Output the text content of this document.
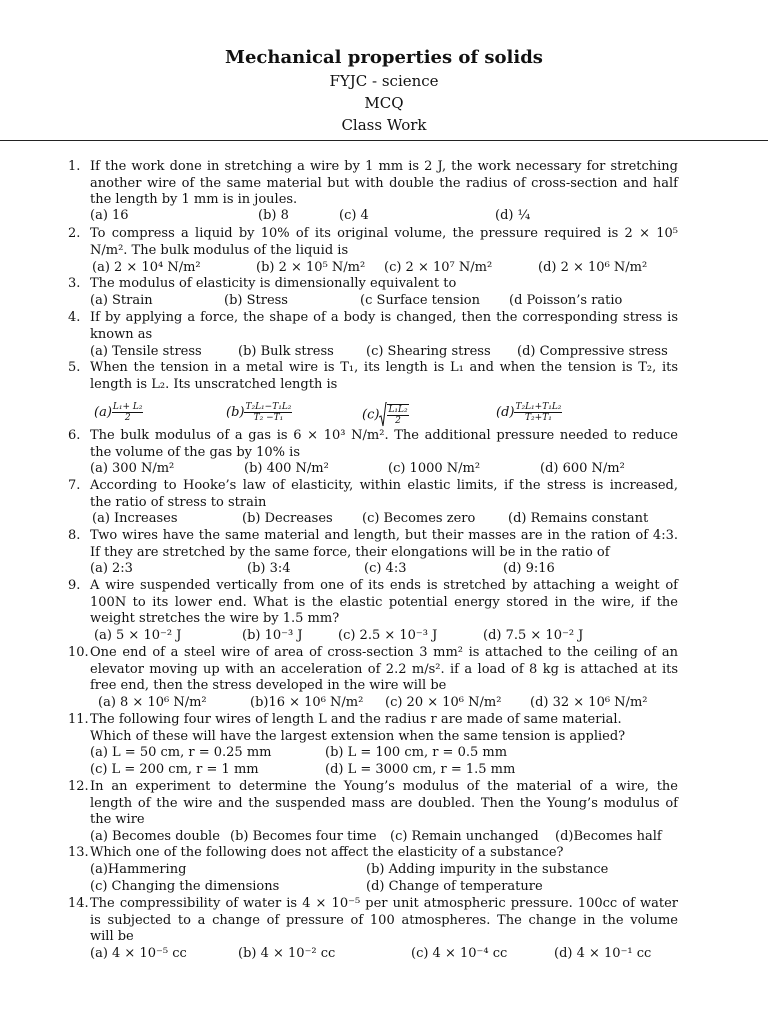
Mechanical properties of solids
FYJC - science
MCQ
Class Work
1. If the work done in stretching a wire by 1 mm is 2 J, the work necessary for stretching
another wire of the same material but with double the radius of cross-section and half
the length by 1 mm is in joules.
(a) 16	(b) 8	(c) 4	(d) ¼
2. To compress a liquid by 10% of its original volume, the pressure required is 2 × 10⁵
N/m². The bulk modulus of the liquid is
(a) 2 × 10⁴ N/m²	(b) 2 × 10⁵ N/m² (c) 2 × 10⁷ N/m²	(d) 2 × 10⁶ N/m²
3. The modulus of elasticity is dimensionally equivalent to
(a) Strain	(b) Stress	(c Surface tension (d Poisson’s ratio
4. If by applying a force, the shape of a body is changed, then the corresponding stress is
known as
(a) Tensile stress	(b) Bulk stress (c) Shearing stress (d) Compressive stress
5. When the tension in a metal wire is T₁, its length is L₁ and when the tension is T₂, its
length is L₂. Its unscratched length is
$(a) \frac{\text{L₁+ L₂}}{2}$	$(b) \frac{\text{T₂L₁−T₁L₂}}{\text{T₂ −T₁}}$	$(c) \frac{\text{L₁L₂}}{2}$	$(d) \frac{\text{T₂L₁+T₁L₂}}{\text{T₂+T₁}}$
6. The bulk modulus of a gas is 6 × 10³ N/m². The additional pressure needed to reduce
the volume of the gas by 10% is
(a) 300 N/m²	(b) 400 N/m²	(c) 1000 N/m²	(d) 600 N/m²
7. According to Hooke’s law of elasticity, within elastic limits, if the stress is increased,
the ratio of stress to strain
(a) Increases	(b) Decreases (c) Becomes zero	(d) Remains constant
8. Two wires have the same material and length, but their masses are in the ration of 4:3.
If they are stretched by the same force, their elongations will be in the ratio of
(a) 2:3	(b) 3:4	(c) 4:3	(d) 9:16
9. A wire suspended vertically from one of its ends is stretched by attaching a weight of
100N to its lower end. What is the elastic potential energy stored in the wire, if the
weight stretches the wire by 1.5 mm?
(a) 5 × 10⁻² J	(b) 10⁻³ J	(c) 2.5 × 10⁻³ J	(d) 7.5 × 10⁻² J
10.One end of a steel wire of area of cross-section 3 mm² is attached to the ceiling of an
elevator moving up with an acceleration of 2.2 m/s². if a load of 8 kg is attached at its
free end, then the stress developed in the wire will be
(a) 8 × 10⁶ N/m²	(b)16 × 10⁶ N/m² (c) 20 × 10⁶ N/m² (d) 32 × 10⁶ N/m²
11.The following four wires of length L and the radius r are made of same material.
Which of these will have the largest extension when the same tension is applied?
(a) L = 50 cm, r = 0.25 mm	(b) L = 100 cm, r = 0.5 mm
(c) L = 200 cm, r = 1 mm	(d) L = 3000 cm, r = 1.5 mm
12.In an experiment to determine the Young’s modulus of the material of a wire, the
length of the wire and the suspended mass are doubled. Then the Young’s modulus of
the wire
(a) Becomes double (b) Becomes four time (c) Remain unchanged (d)Becomes half
13.Which one of the following does not affect the elasticity of a substance?
(a)Hammering	(b) Adding impurity in the substance
(c) Changing the dimensions	(d) Change of temperature
14.The compressibility of water is 4 × 10⁻⁵ per unit atmospheric pressure. 100cc of water
is subjected to a change of pressure of 100 atmospheres. The change in the volume
will be
(a) 4 × 10⁻⁵ cc	(b) 4 × 10⁻² cc	(c) 4 × 10⁻⁴ cc	(d) 4 × 10⁻¹ cc
